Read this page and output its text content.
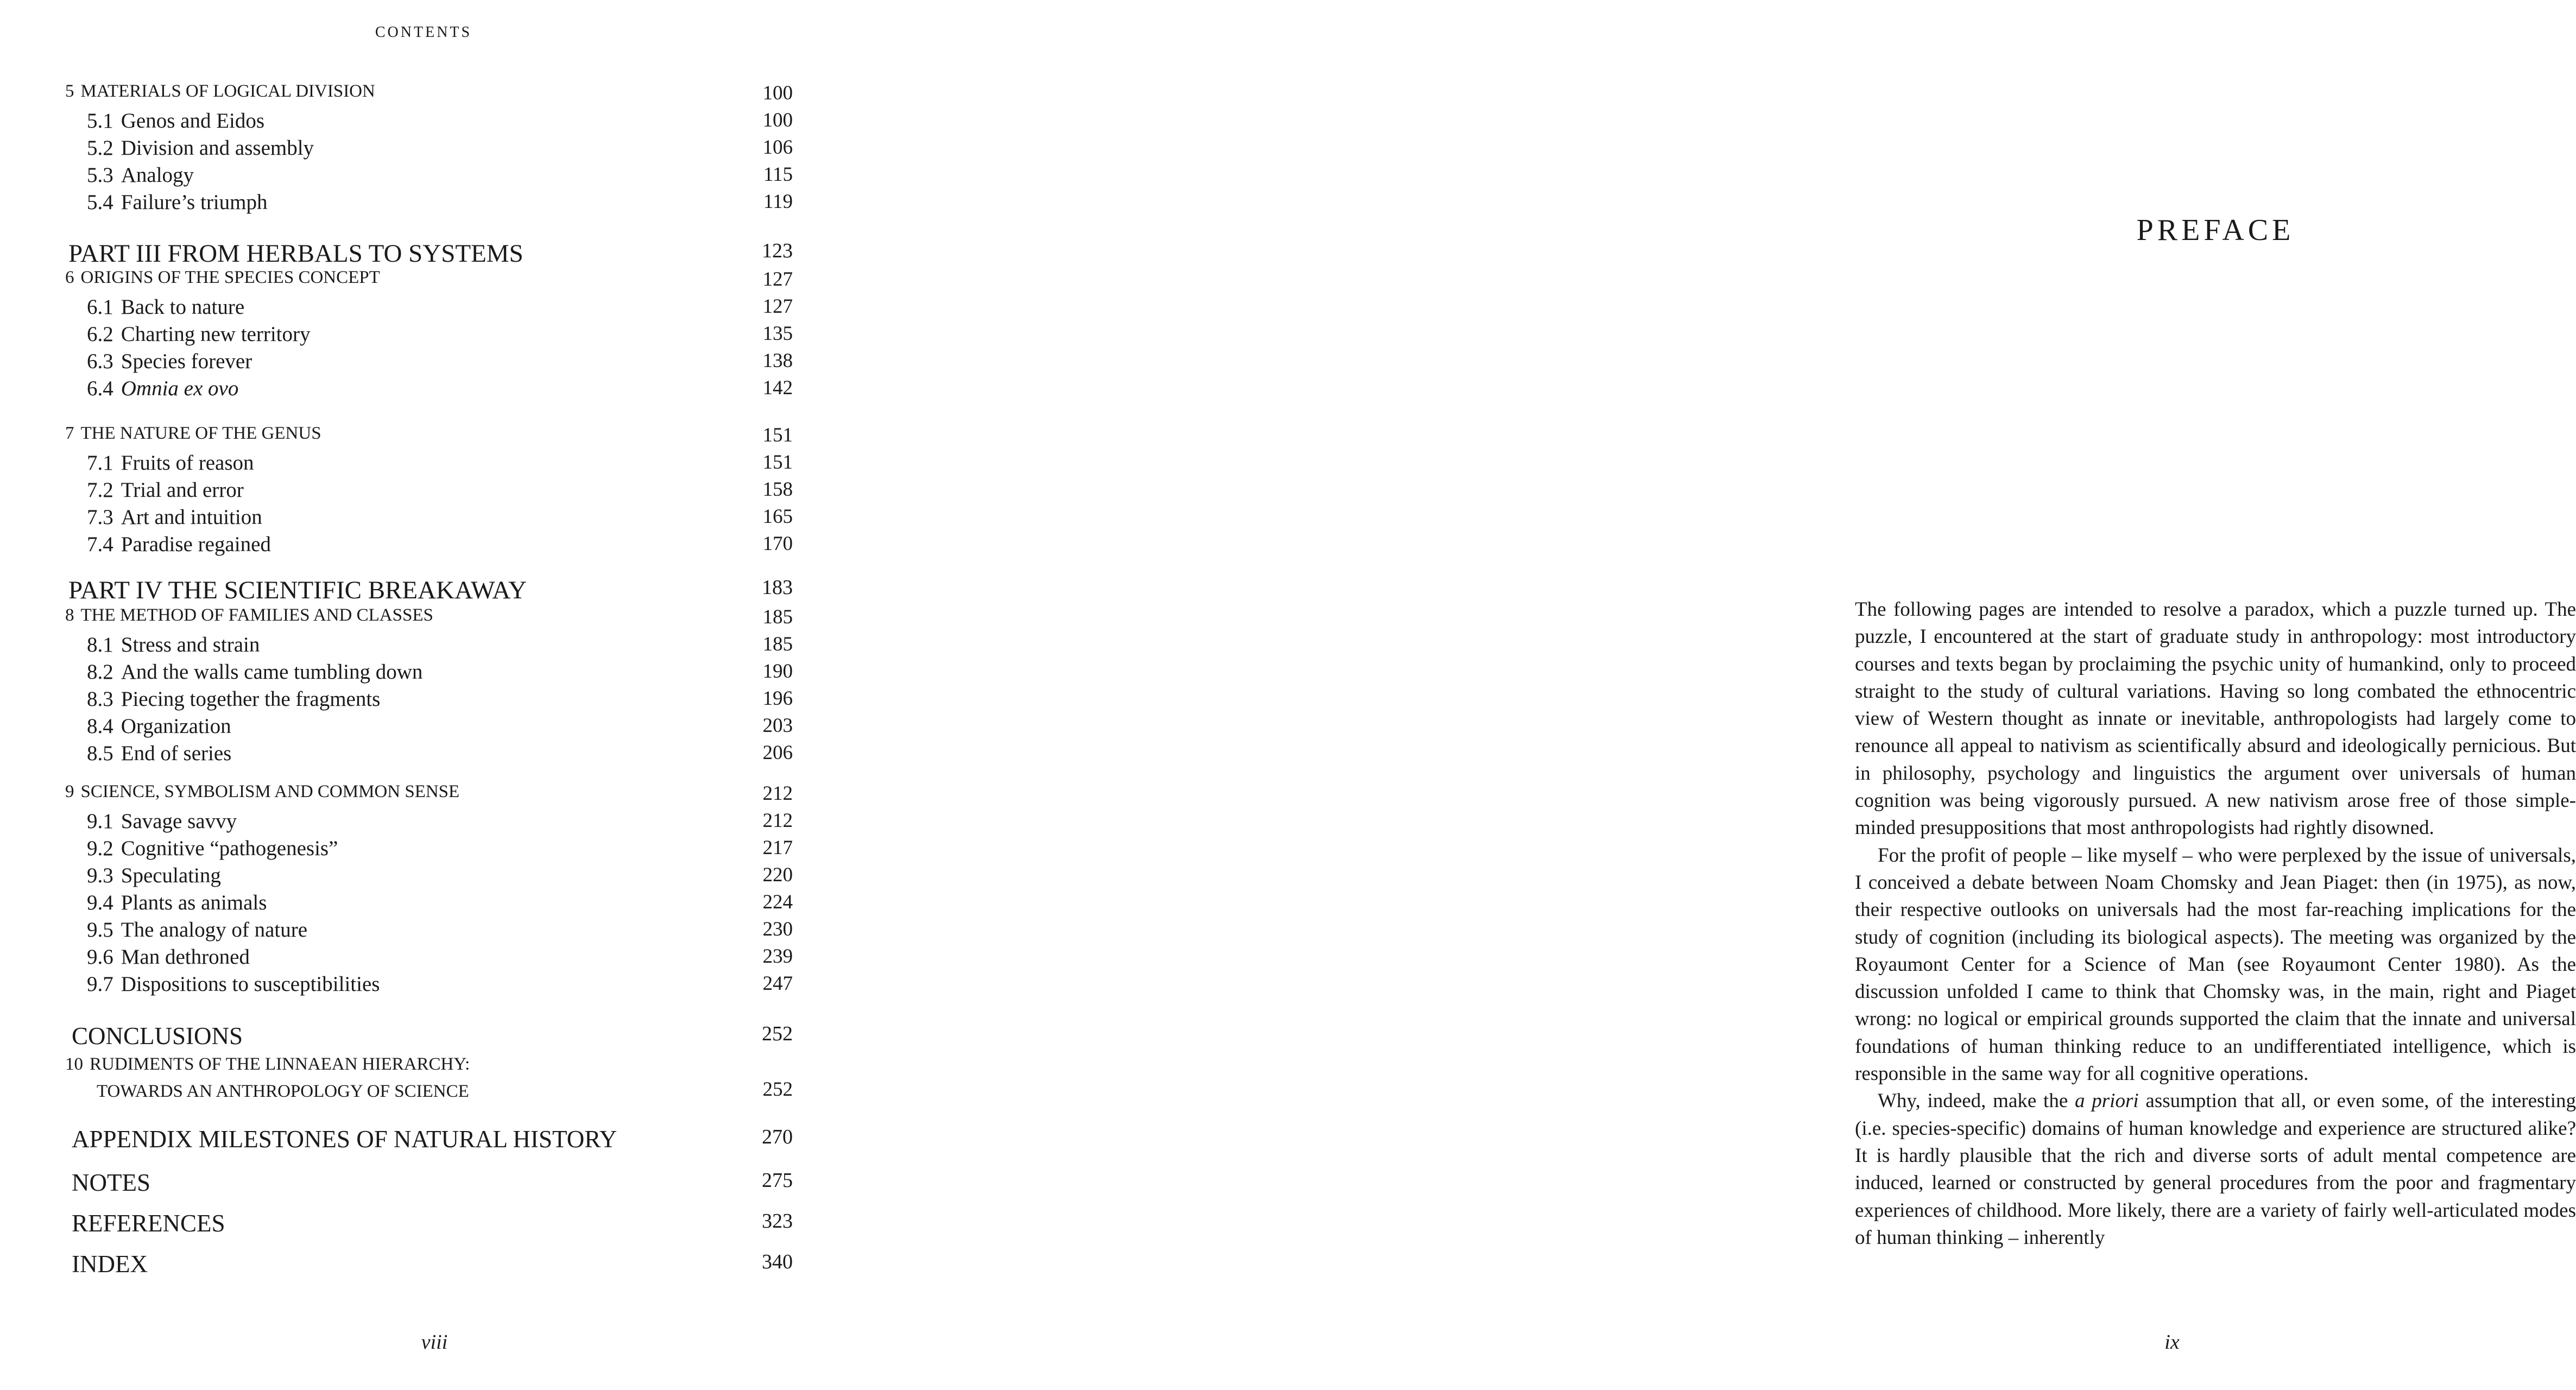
CONTENTS
5 MATERIALS OF LOGICAL DIVISION	100
5.1 Genos and Eidos	100
5.2 Division and assembly	106
5.3 Analogy	115
5.4 Failure’s triumph	119
PART III FROM HERBALS TO SYSTEMS	123
6 ORIGINS OF THE SPECIES CONCEPT	127
6.1 Back to nature	127
6.2 Charting new territory	135
6.3 Species forever	138
6.4 Omnia ex ovo	142
7 THE NATURE OF THE GENUS	151
7.1 Fruits of reason	151
7.2 Trial and error	158
7.3 Art and intuition	165
7.4 Paradise regained	170
PART IV THE SCIENTIFIC BREAKAWAY	183
8 THE METHOD OF FAMILIES AND CLASSES	185
8.1 Stress and strain	185
8.2 And the walls came tumbling down	190
8.3 Piecing together the fragments	196
8.4 Organization	203
8.5 End of series	206
9 SCIENCE, SYMBOLISM AND COMMON SENSE	212
9.1 Savage savvy	212
9.2 Cognitive “pathogenesis”	217
9.3 Speculating	220
9.4 Plants as animals	224
9.5 The analogy of nature	230
9.6 Man dethroned	239
9.7 Dispositions to susceptibilities	247
CONCLUSIONS	252
10 RUDIMENTS OF THE LINNAEAN HIERARCHY:
TOWARDS AN ANTHROPOLOGY OF SCIENCE	252
APPENDIX MILESTONES OF NATURAL HISTORY	270
NOTES	275
REFERENCES	323
INDEX	340
viii
PREFACE

The following pages are intended to resolve a paradox, which a puzzle turned up. The puzzle, I encountered at the start of graduate study in anthropology: most introductory courses and texts began by proclaiming the psychic unity of humankind, only to proceed straight to the study of cultural variations. Having so long combated the ethnocentric view of Western thought as innate or inevitable, anthropologists had largely come to renounce all appeal to nativism as scientifically absurd and ideologically pernicious. But in philosophy, psychology and linguistics the argument over universals of human cognition was being vigorously pursued. A new nativism arose free of those simple-minded presuppositions that most anthropologists had rightly disowned.

For the profit of people – like myself – who were perplexed by the issue of universals, I conceived a debate between Noam Chomsky and Jean Piaget: then (in 1975), as now, their respective outlooks on universals had the most far-reaching implications for the study of cognition (including its biological aspects). The meeting was organized by the Royaumont Center for a Science of Man (see Royaumont Center 1980). As the discussion unfolded I came to think that Chomsky was, in the main, right and Piaget wrong: no logical or empirical grounds supported the claim that the innate and universal foundations of human thinking reduce to an undifferentiated intelligence, which is responsible in the same way for all cognitive operations.

Why, indeed, make the a priori assumption that all, or even some, of the interesting (i.e. species-specific) domains of human knowledge and experience are structured alike? It is hardly plausible that the rich and diverse sorts of adult mental competence are induced, learned or constructed by general procedures from the poor and fragmentary experiences of childhood. More likely, there are a variety of fairly well-articulated modes of human thinking – inherently

ix
